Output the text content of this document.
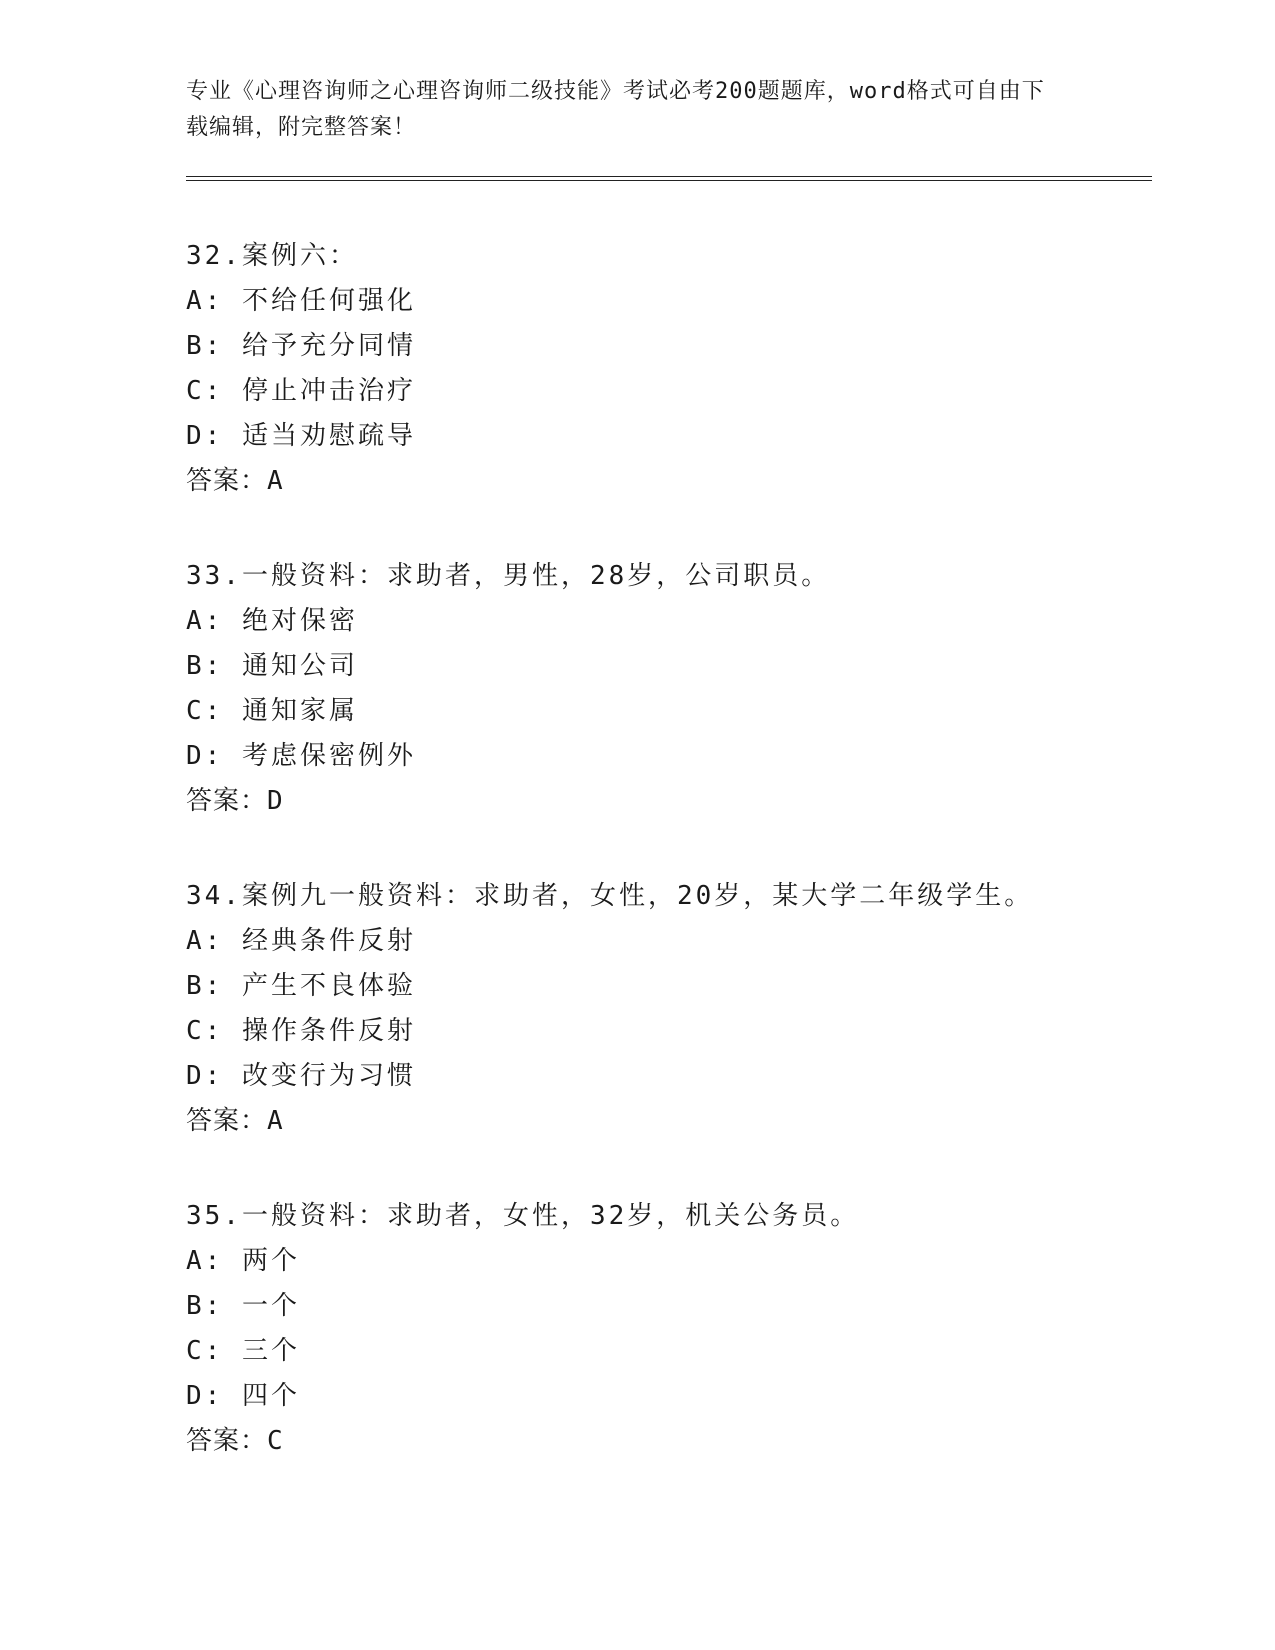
专业《心理咨询师之心理咨询师二级技能》考试必考200题题库，word格式可自由下载编辑，附完整答案！
32.案例六：
A: 不给任何强化
B: 给予充分同情
C: 停止冲击治疗
D: 适当劝慰疏导
答案：A
33.一般资料：求助者，男性，28岁，公司职员。
A: 绝对保密
B: 通知公司
C: 通知家属
D: 考虑保密例外
答案：D
34.案例九一般资料：求助者，女性，20岁，某大学二年级学生。
A: 经典条件反射
B: 产生不良体验
C: 操作条件反射
D: 改变行为习惯
答案：A
35.一般资料：求助者，女性，32岁，机关公务员。
A: 两个
B: 一个
C: 三个
D: 四个
答案：C
